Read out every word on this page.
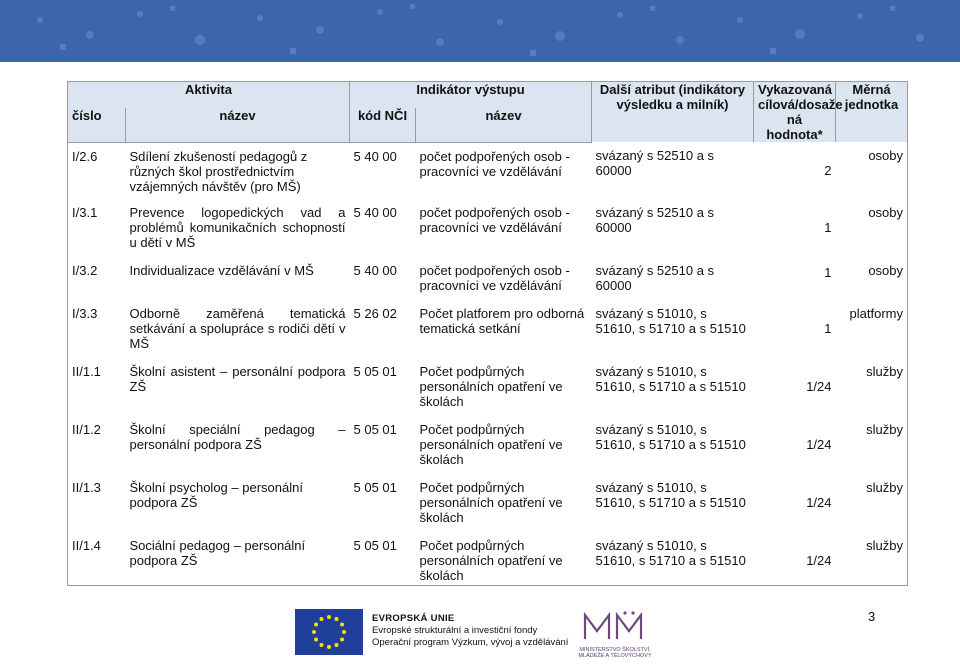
Aktivita		Indikátor výstupu		Další atribut (indikátory výsledku a milník)	Vykazovaná cílová/dosaže ná hodnota*	Měrná jednotka
číslo	název	kód NČI	název			
I/2.6	Sdílení zkušeností pedagogů z různých škol prostřednictvím vzájemných návštěv (pro MŠ)	5 40 00	počet podpořených osob - pracovníci ve vzdělávání	svázaný s 52510 a s 60000	2	osoby
I/3.1	Prevence logopedických vad a problémů komunikačních schopností u dětí v MŠ	5 40 00	počet podpořených osob - pracovníci ve vzdělávání	svázaný s 52510 a s 60000	1	osoby
I/3.2	Individualizace vzdělávání v MŠ	5 40 00	počet podpořených osob - pracovníci ve vzdělávání	svázaný s 52510 a s 60000	1	osoby
I/3.3	Odborně zaměřená tematická setkávání a spolupráce s rodiči dětí v MŠ	5 26 02	Počet platforem pro odborná tematická setkání	svázaný s 51010, s 51610, s 51710 a s 51510	1	platformy
II/1.1	Školní asistent – personální podpora ZŠ	5 05 01	Počet podpůrných personálních opatření ve školách	svázaný s 51010, s 51610, s 51710 a s 51510	1/24	služby
II/1.2	Školní speciální pedagog – personální podpora ZŠ	5 05 01	Počet podpůrných personálních opatření ve školách	svázaný s 51010, s 51610, s 51710 a s 51510	1/24	služby
II/1.3	Školní psycholog – personální podpora ZŠ	5 05 01	Počet podpůrných personálních opatření ve školách	svázaný s 51010, s 51610, s 51710 a s 51510	1/24	služby
II/1.4	Sociální pedagog – personální podpora ZŠ	5 05 01	Počet podpůrných personálních opatření ve školách	svázaný s 51010, s 51610, s 51710 a s 51510	1/24	služby
EVROPSKÁ UNIE
Evropské strukturální a investiční fondy
Operační program Výzkum, vývoj a vzdělávání
MINISTERSTVO ŠKOLSTVÍ,
MLÁDEŽE A TĚLOVÝCHOVY
3
